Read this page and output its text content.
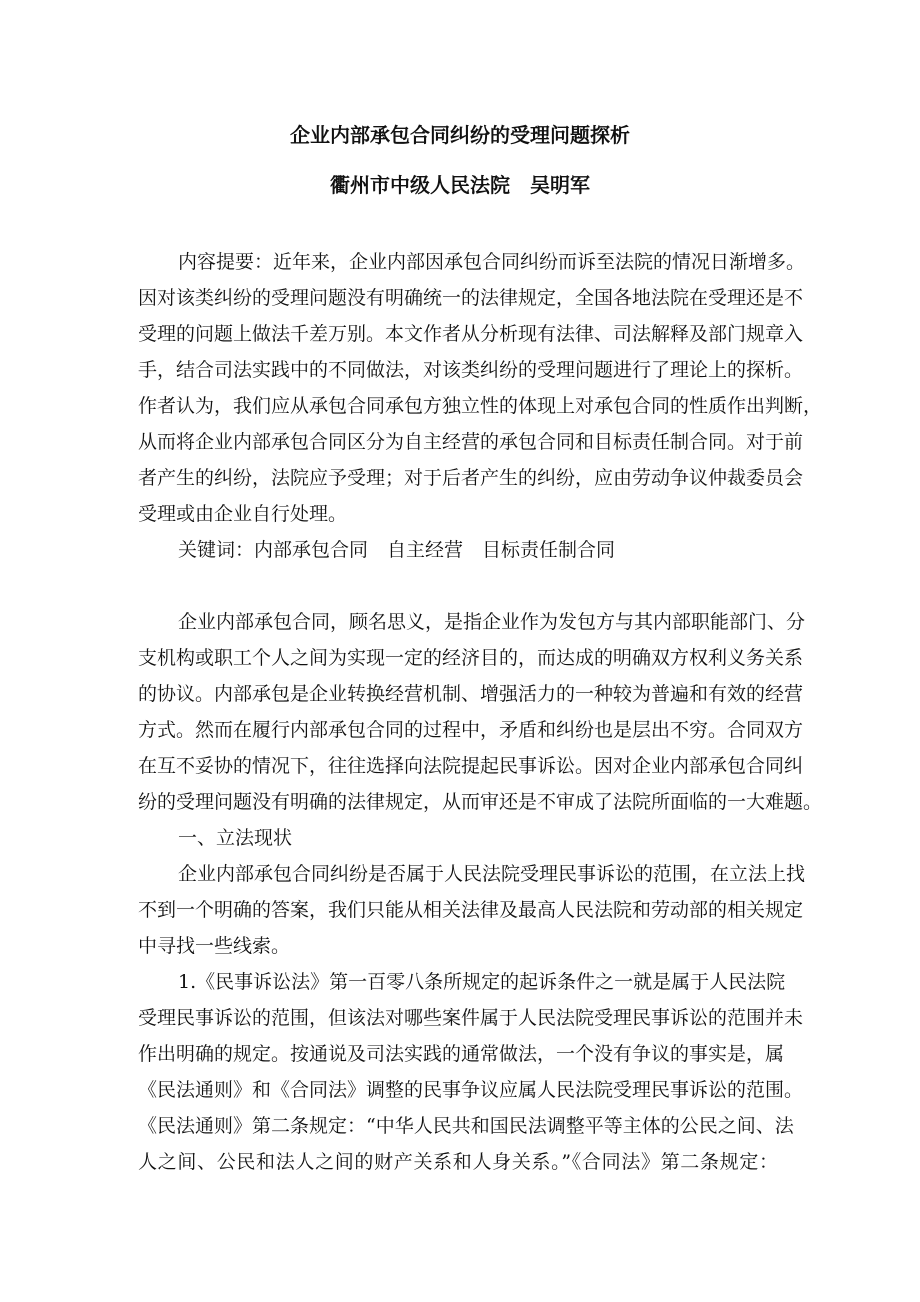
企业内部承包合同纠纷的受理问题探析
衢州市中级人民法院　吴明军
内容提要：近年来，企业内部因承包合同纠纷而诉至法院的情况日渐增多。
因对该类纠纷的受理问题没有明确统一的法律规定，全国各地法院在受理还是不
受理的问题上做法千差万别。本文作者从分析现有法律、司法解释及部门规章入
手，结合司法实践中的不同做法，对该类纠纷的受理问题进行了理论上的探析。
作者认为，我们应从承包合同承包方独立性的体现上对承包合同的性质作出判断，
从而将企业内部承包合同区分为自主经营的承包合同和目标责任制合同。对于前
者产生的纠纷，法院应予受理；对于后者产生的纠纷，应由劳动争议仲裁委员会
受理或由企业自行处理。
关键词：内部承包合同　自主经营　目标责任制合同
企业内部承包合同，顾名思义，是指企业作为发包方与其内部职能部门、分
支机构或职工个人之间为实现一定的经济目的，而达成的明确双方权利义务关系
的协议。内部承包是企业转换经营机制、增强活力的一种较为普遍和有效的经营
方式。然而在履行内部承包合同的过程中，矛盾和纠纷也是层出不穷。合同双方
在互不妥协的情况下，往往选择向法院提起民事诉讼。因对企业内部承包合同纠
纷的受理问题没有明确的法律规定，从而审还是不审成了法院所面临的一大难题。
一、立法现状
企业内部承包合同纠纷是否属于人民法院受理民事诉讼的范围，在立法上找
不到一个明确的答案，我们只能从相关法律及最高人民法院和劳动部的相关规定
中寻找一些线索。
1.《民事诉讼法》第一百零八条所规定的起诉条件之一就是属于人民法院
受理民事诉讼的范围，但该法对哪些案件属于人民法院受理民事诉讼的范围并未
作出明确的规定。按通说及司法实践的通常做法，一个没有争议的事实是，属
《民法通则》和《合同法》调整的民事争议应属人民法院受理民事诉讼的范围。
《民法通则》第二条规定：“中华人民共和国民法调整平等主体的公民之间、法
人之间、公民和法人之间的财产关系和人身关系。”《合同法》第二条规定：
